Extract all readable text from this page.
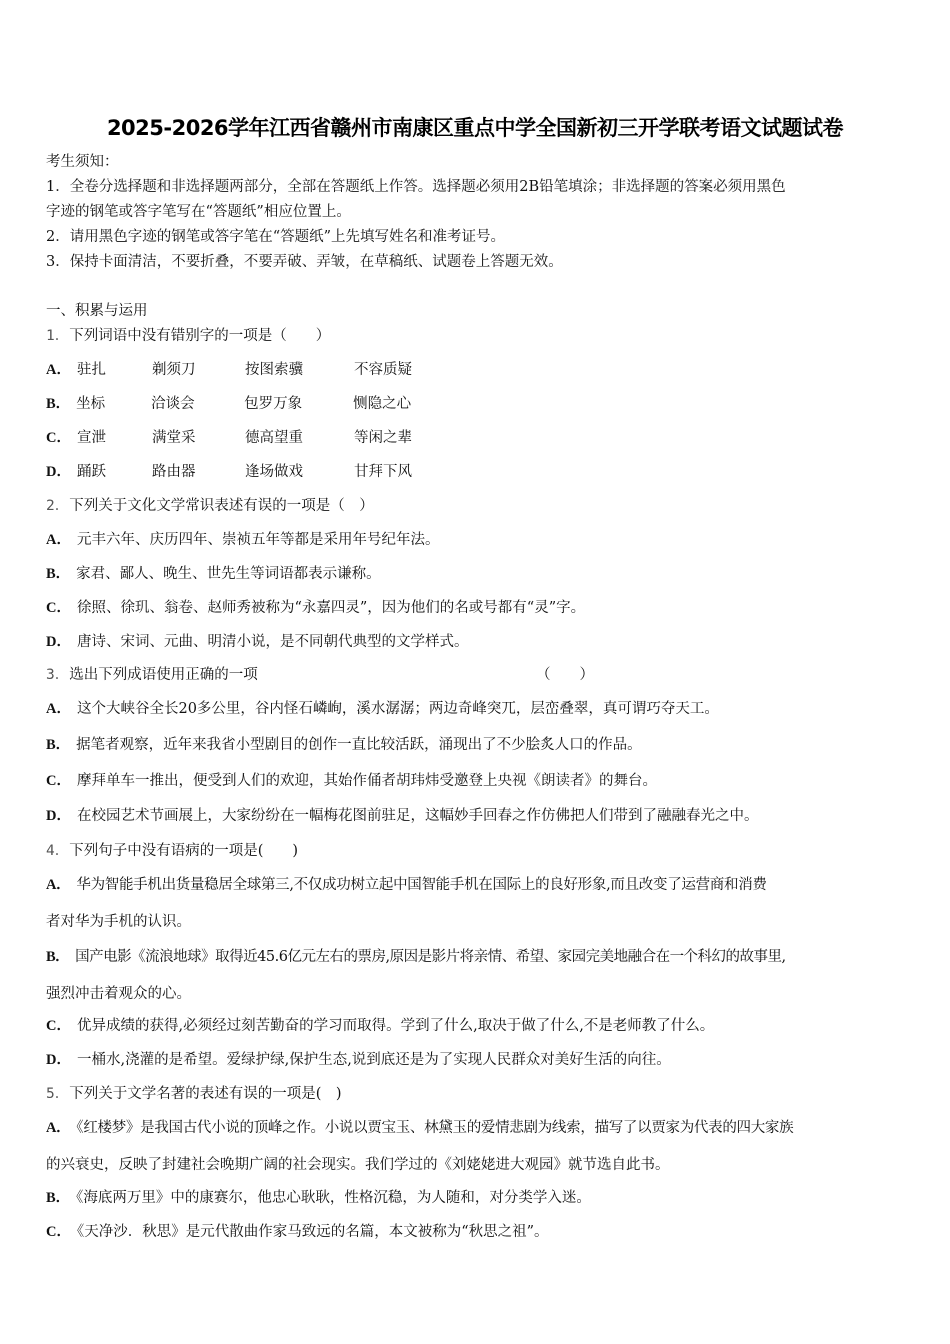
2025-2026学年江西省赣州市南康区重点中学全国新初三开学联考语文试题试卷
考生须知：
1．全卷分选择题和非选择题两部分，全部在答题纸上作答。选择题必须用2B铅笔填涂；非选择题的答案必须用黑色
字迹的钢笔或答字笔写在“答题纸”相应位置上。
2．请用黑色字迹的钢笔或答字笔在“答题纸”上先填写姓名和准考证号。
3．保持卡面清洁，不要折叠，不要弄破、弄皱，在草稿纸、试题卷上答题无效。
一、积累与运用
1．下列词语中没有错别字的一项是（　　）
A． 驻扎	剃须刀	按图索骥	不容质疑
B． 坐标	洽谈会	包罗万象	恻隐之心
C． 宣泄	满堂采	德高望重	等闲之辈
D． 踊跃	路由器	逢场做戏	甘拜下风
2．下列关于文化文学常识表述有误的一项是（　）
A． 元丰六年、庆历四年、崇祯五年等都是采用年号纪年法。
B． 家君、鄙人、晚生、世先生等词语都表示谦称。
C． 徐照、徐玑、翁卷、赵师秀被称为“永嘉四灵”，因为他们的名或号都有“灵”字。
D． 唐诗、宋词、元曲、明清小说，是不同朝代典型的文学样式。
3．选出下列成语使用正确的一项	（　　）
A． 这个大峡谷全长20多公里，谷内怪石嶙峋，溪水潺潺；两边奇峰突兀，层峦叠翠，真可谓巧夺天工。
B． 据笔者观察，近年来我省小型剧目的创作一直比较活跃，涌现出了不少脍炙人口的作品。
C． 摩拜单车一推出，便受到人们的欢迎，其始作俑者胡玮炜受邀登上央视《朗读者》的舞台。
D． 在校园艺术节画展上，大家纷纷在一幅梅花图前驻足，这幅妙手回春之作仿佛把人们带到了融融春光之中。
4．下列句子中没有语病的一项是(　　)
A． 华为智能手机出货量稳居全球第三,不仅成功树立起中国智能手机在国际上的良好形象,而且改变了运营商和消费
者对华为手机的认识。
B． 国产电影《流浪地球》取得近45.6亿元左右的票房,原因是影片将亲情、希望、家园完美地融合在一个科幻的故事里,
强烈冲击着观众的心。
C． 优异成绩的获得,必须经过刻苦勤奋的学习而取得。学到了什么,取决于做了什么,不是老师教了什么。
D． 一桶水,浇灌的是希望。爱绿护绿,保护生态,说到底还是为了实现人民群众对美好生活的向往。
5．下列关于文学名著的表述有误的一项是(　)
A． 《红楼梦》是我国古代小说的顶峰之作。小说以贾宝玉、林黛玉的爱情悲剧为线索，描写了以贾家为代表的四大家族
的兴衰史，反映了封建社会晚期广阔的社会现实。我们学过的《刘姥姥进大观园》就节选自此书。
B． 《海底两万里》中的康赛尔，他忠心耿耿，性格沉稳，为人随和，对分类学入迷。
C． 《天净沙．秋思》是元代散曲作家马致远的名篇，本文被称为“秋思之祖”。
